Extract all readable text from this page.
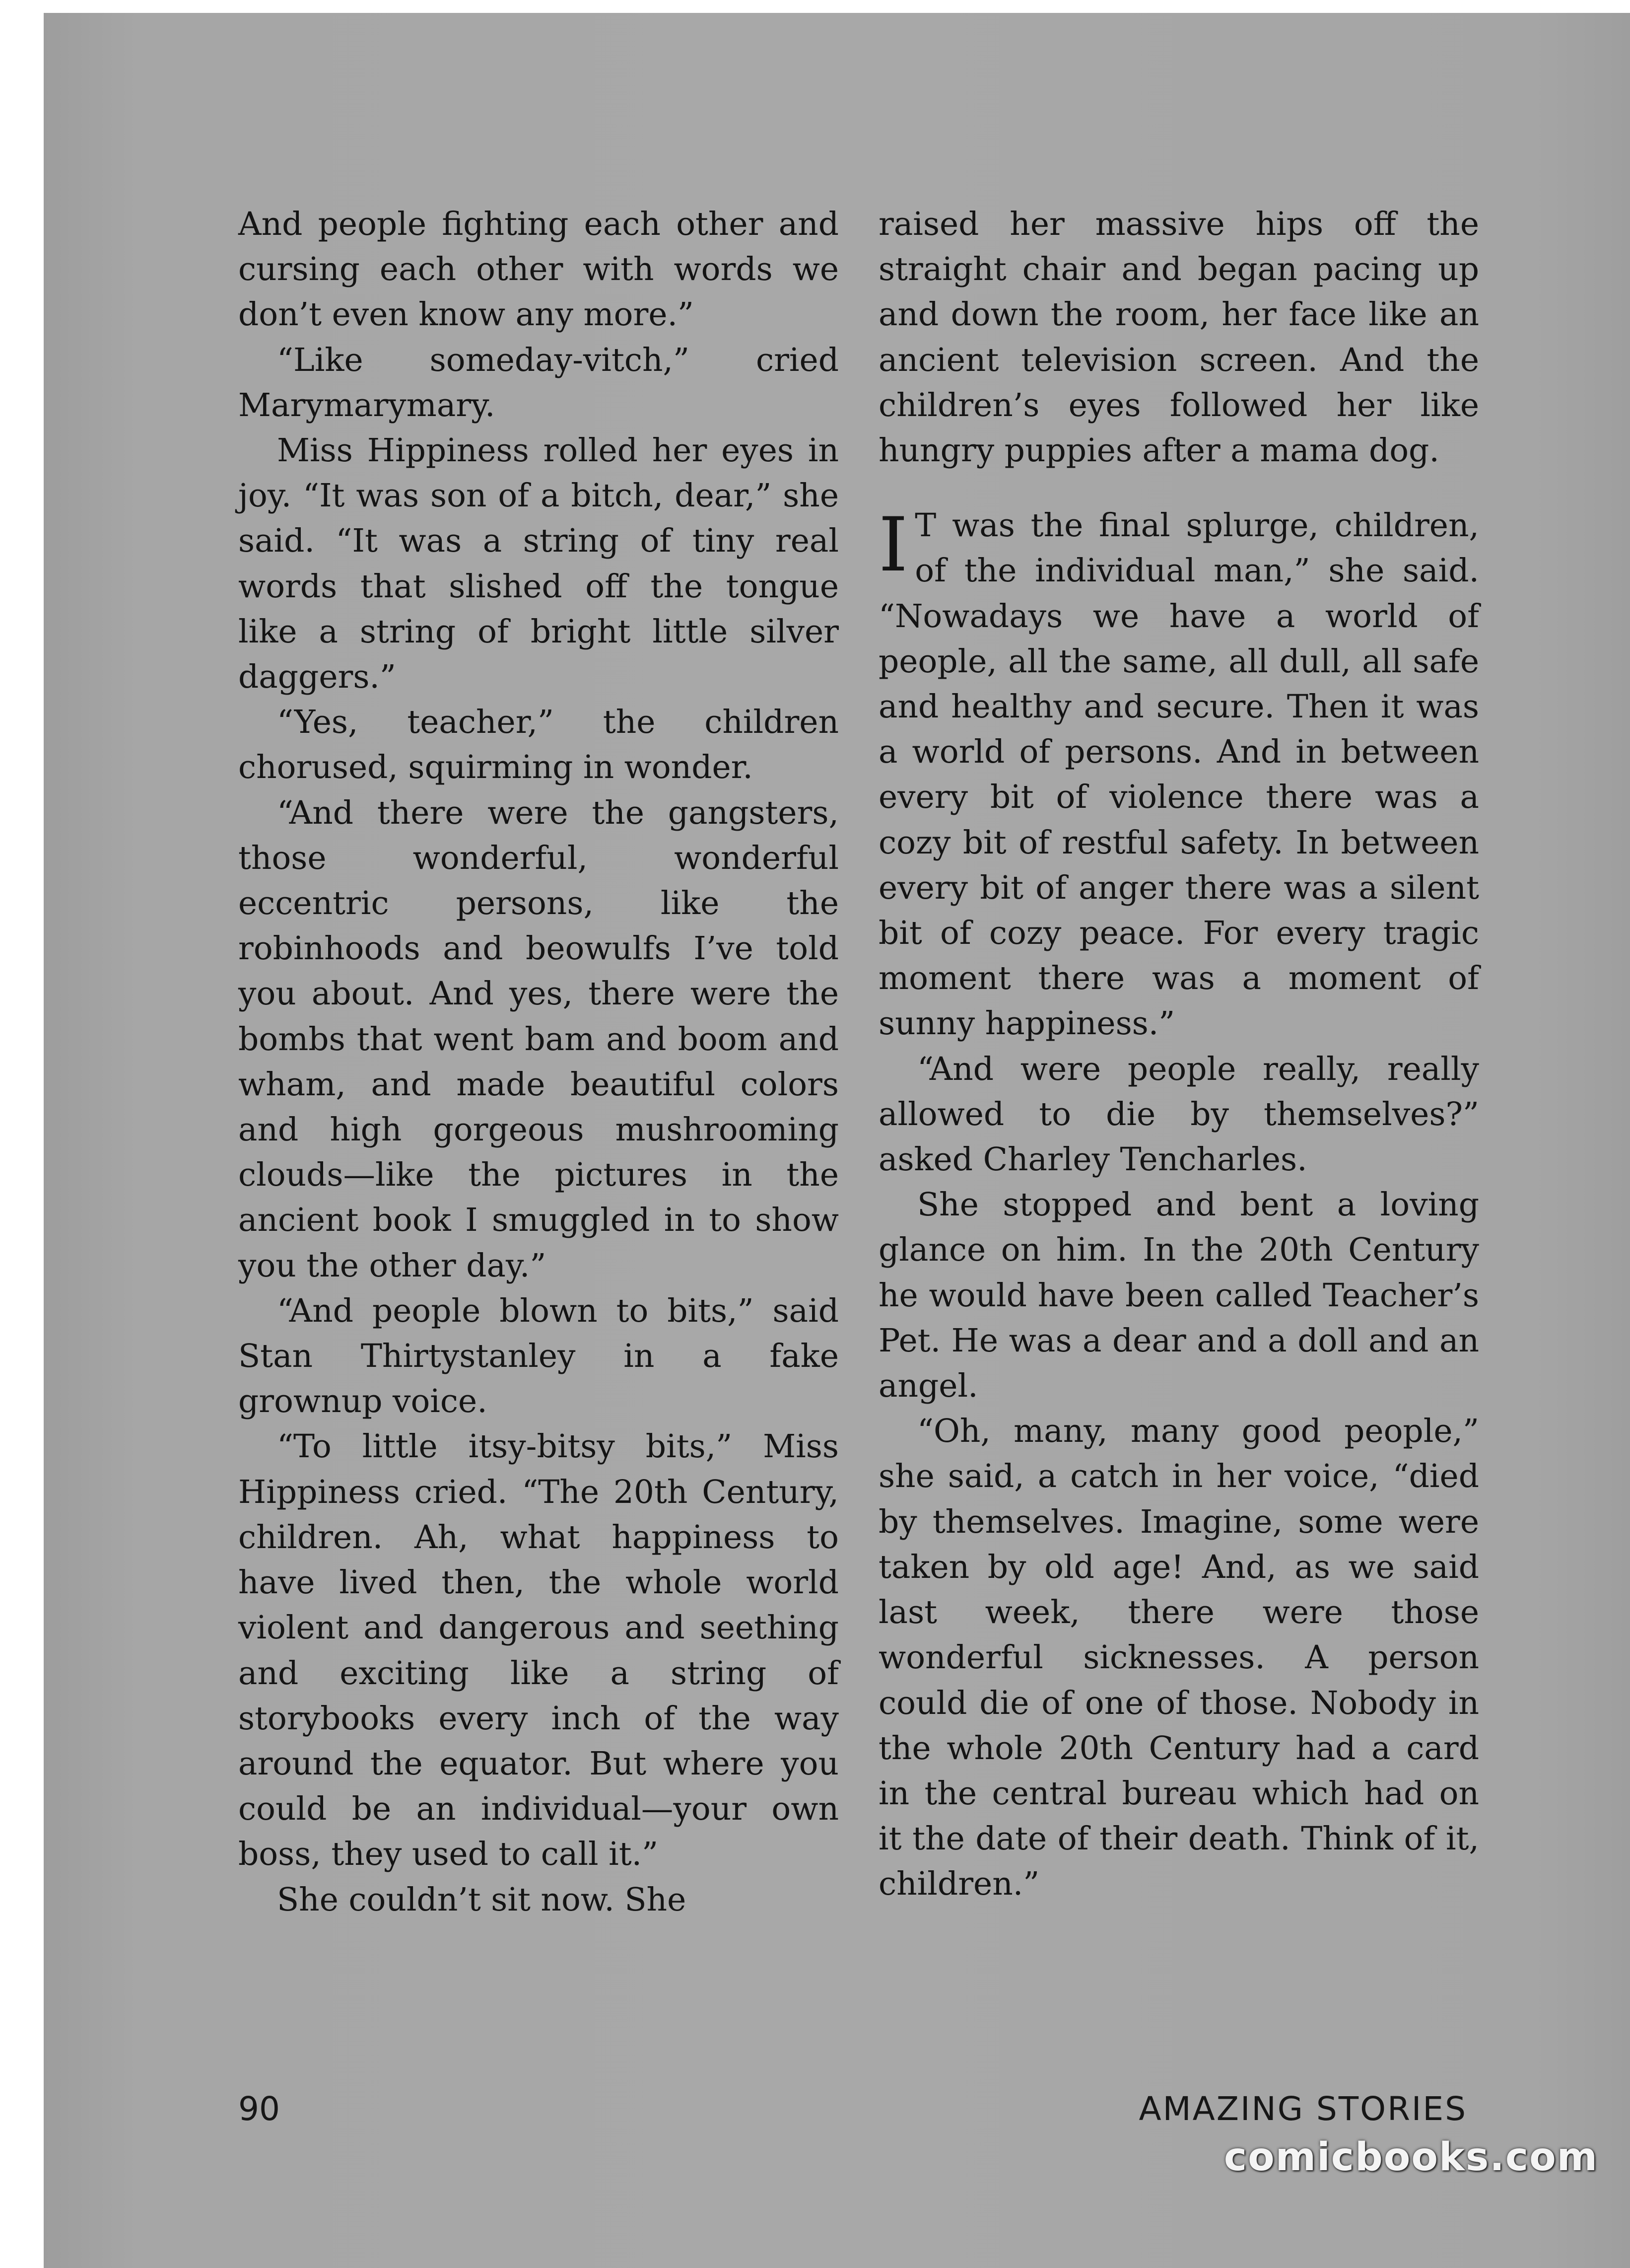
And people fighting each other and cursing each other with words we don’t even know any more.”

“Like someday-vitch,” cried Marymarymary.

Miss Hippiness rolled her eyes in joy. “It was son of a bitch, dear,” she said. “It was a string of tiny real words that slished off the tongue like a string of bright little silver daggers.”

“Yes, teacher,” the children chorused, squirming in wonder.

“And there were the gangsters, those wonderful, wonderful eccentric persons, like the robinhoods and beowulfs I’ve told you about. And yes, there were the bombs that went bam and boom and wham, and made beautiful colors and high gorgeous mushrooming clouds—like the pictures in the ancient book I smuggled in to show you the other day.”

“And people blown to bits,” said Stan Thirtystanley in a fake grownup voice.

“To little itsy-bitsy bits,” Miss Hippiness cried. “The 20th Century, children. Ah, what happiness to have lived then, the whole world violent and dangerous and seething and exciting like a string of storybooks every inch of the way around the equator. But where you could be an individual—your own boss, they used to call it.”

She couldn’t sit now. She

raised her massive hips off the straight chair and began pacing up and down the room, her face like an ancient television screen. And the children’s eyes followed her like hungry puppies after a mama dog.

I T was the final splurge, children, of the individual man,” she said. “Nowadays we have a world of people, all the same, all dull, all safe and healthy and secure. Then it was a world of persons. And in between every bit of violence there was a cozy bit of restful safety. In between every bit of anger there was a silent bit of cozy peace. For every tragic moment there was a moment of sunny happiness.”

“And were people really, really allowed to die by themselves?” asked Charley Tencharles.

She stopped and bent a loving glance on him. In the 20th Century he would have been called Teacher’s Pet. He was a dear and a doll and an angel.

“Oh, many, many good people,” she said, a catch in her voice, “died by themselves. Imagine, some were taken by old age! And, as we said last week, there were those wonderful sicknesses. A person could die of one of those. Nobody in the whole 20th Century had a card in the central bureau which had on it the date of their death. Think of it, children.”

90	AMAZING STORIES
comicbooks.com
